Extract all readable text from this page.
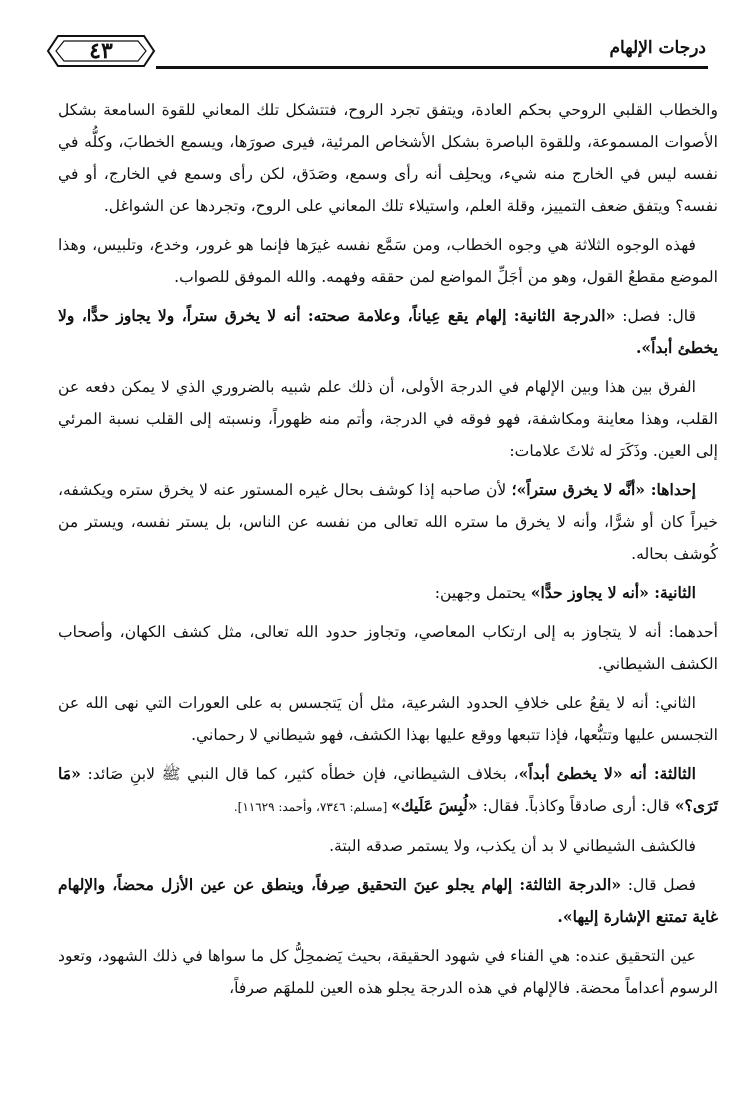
٤٣	درجات الإلهام

والخطاب القلبي الروحي بحكم العادة، ويتفق تجرد الروح، فتتشكل تلك المعاني للقوة السامعة بشكل الأصوات المسموعة، وللقوة الباصرة بشكل الأشخاص المرئية، فيرى صورَها، ويسمع الخطابَ، وكلُّه في نفسه ليس في الخارج منه شيء، ويحلِف أنه رأى وسمع، وصَدَق، لكن رأى وسمع في الخارج، أو في نفسه؟ ويتفق ضعف التمييز، وقلة العلم، واستيلاء تلك المعاني على الروح، وتجردها عن الشواغل.

فهذه الوجوه الثلاثة هي وجوه الخطاب، ومن سَمَّع نفسه غيرَها فإنما هو غرور، وخدع، وتلبيس، وهذا الموضع مقطعُ القول، وهو من أجَلِّ المواضع لمن حققه وفهمه. والله الموفق للصواب.

قال: فصل: «الدرجة الثانية: إلهام يقع عِياناً، وعلامة صحته: أنه لا يخرق ستراً، ولا يجاوز حدًّا، ولا يخطئ أبداً».

الفرق بين هذا وبين الإلهام في الدرجة الأولى، أن ذلك علم شبيه بالضروري الذي لا يمكن دفعه عن القلب، وهذا معاينة ومكاشفة، فهو فوقه في الدرجة، وأتم منه ظهوراً، ونسبته إلى القلب نسبة المرئي إلى العين. وذَكَرَ له ثلاثَ علامات:

إحداها: «أنَّه لا يخرق ستراً»؛ لأن صاحبه إذا كوشف بحال غيره المستور عنه لا يخرق ستره ويكشفه، خيراً كان أو شرًّا، وأنه لا يخرق ما ستره الله تعالى من نفسه عن الناس، بل يستر نفسه، ويستر من كُوشف بحاله.

الثانية: «أنه لا يجاوز حدًّا» يحتمل وجهين:

أحدهما: أنه لا يتجاوز به إلى ارتكاب المعاصي، وتجاوز حدود الله تعالى، مثل كشف الكهان، وأصحاب الكشف الشيطاني.

الثاني: أنه لا يقعُ على خلافِ الحدود الشرعية، مثل أن يَتجسس به على العورات التي نهى الله عن التجسس عليها وتتبُّعها، فإذا تتبعها ووقع عليها بهذا الكشف، فهو شيطاني لا رحماني.

الثالثة: أنه «لا يخطئ أبداً»، بخلاف الشيطاني، فإن خطأه كثير، كما قال النبي ﷺ لابنِ صَائد: «مَا تَرَى؟» قال: أرى صادقاً وكاذباً. فقال: «لُبِسَ عَلَيك» [مسلم: ٧٣٤٦، وأحمد: ١١٦٢٩].

فالكشف الشيطاني لا بد أن يكذب، ولا يستمر صدقه البتة.

فصل قال: «الدرجة الثالثة: إلهام يجلو عينَ التحقيق صِرفاً، وينطق عن عين الأزل محضاً، والإلهام غاية تمتنع الإشارة إليها».

عين التحقيق عنده: هي الفناء في شهود الحقيقة، بحيث يَضمحِلُّ كل ما سواها في ذلك الشهود، وتعود الرسوم أعداماً محضة. فالإلهام في هذه الدرجة يجلو هذه العين للملهَم صرفاً،
